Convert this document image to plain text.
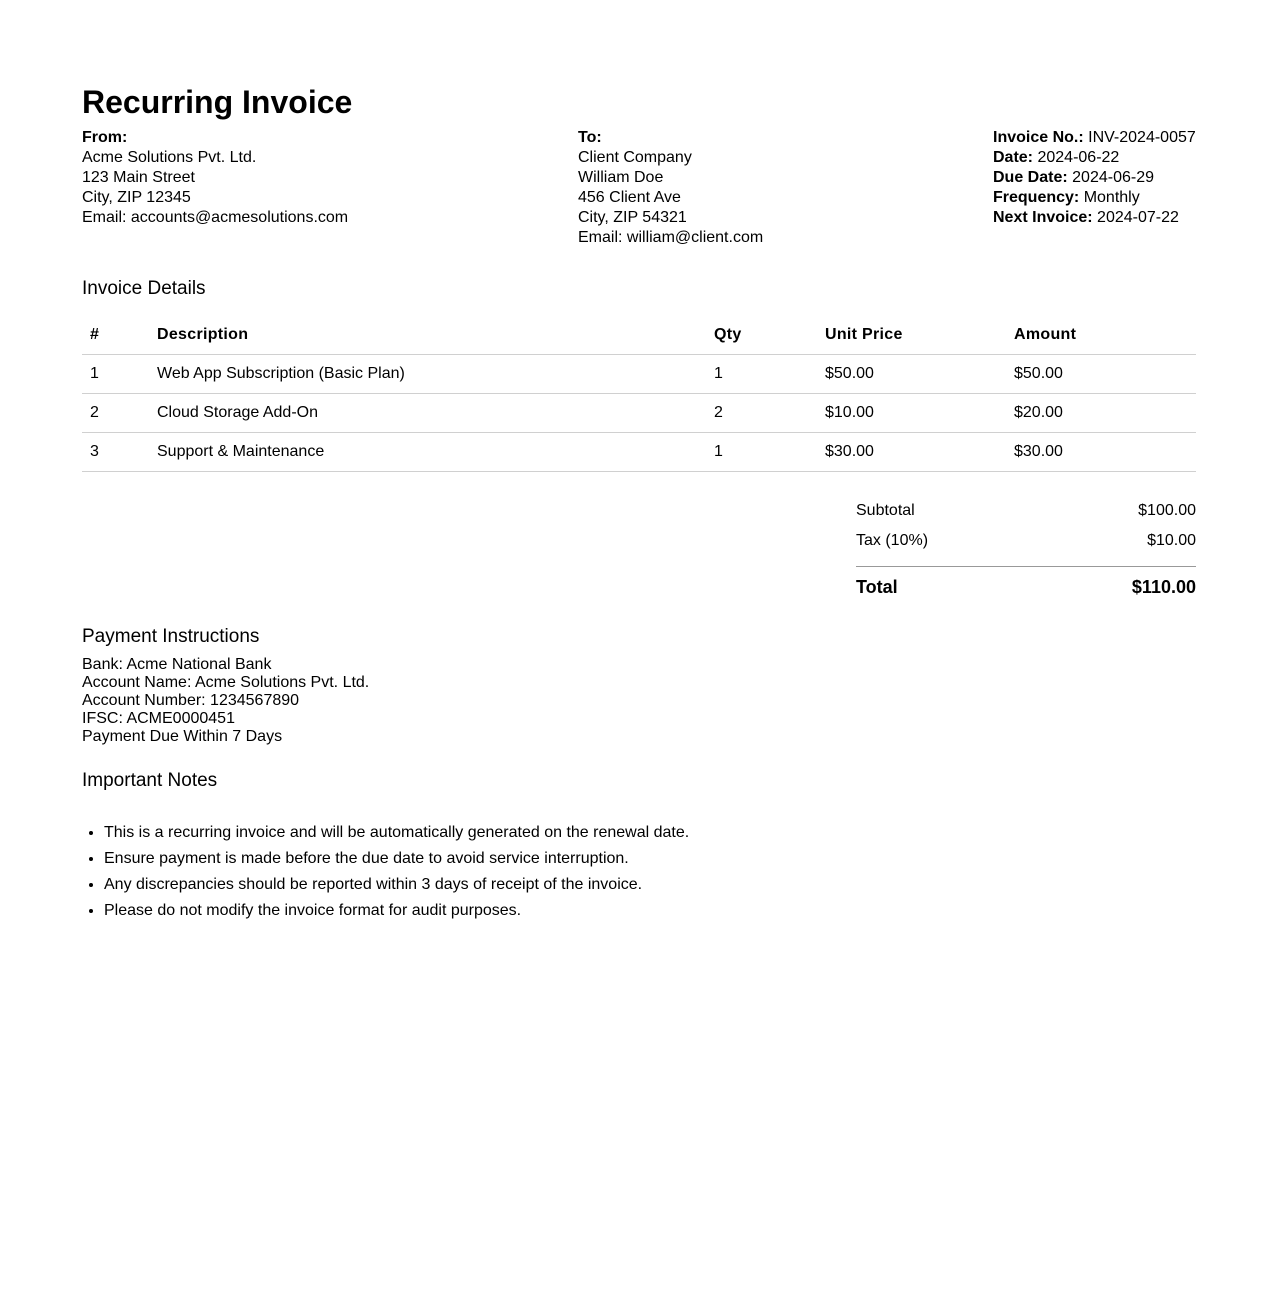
Recurring Invoice
From:
Acme Solutions Pvt. Ltd.
123 Main Street
City, ZIP 12345
Email: accounts@acmesolutions.com
To:
Client Company
William Doe
456 Client Ave
City, ZIP 54321
Email: william@client.com
Invoice No.: INV-2024-0057
Date: 2024-06-22
Due Date: 2024-06-29
Frequency: Monthly
Next Invoice: 2024-07-22
Invoice Details
#	Description	Qty	Unit Price	Amount
1	Web App Subscription (Basic Plan)	1	$50.00	$50.00
2	Cloud Storage Add-On	2	$10.00	$20.00
3	Support & Maintenance	1	$30.00	$30.00
Subtotal	$100.00
Tax (10%)	$10.00
Total	$110.00
Payment Instructions
Bank: Acme National Bank
Account Name: Acme Solutions Pvt. Ltd.
Account Number: 1234567890
IFSC: ACME0000451
Payment Due Within 7 Days
Important Notes
• This is a recurring invoice and will be automatically generated on the renewal date.
• Ensure payment is made before the due date to avoid service interruption.
• Any discrepancies should be reported within 3 days of receipt of the invoice.
• Please do not modify the invoice format for audit purposes.
